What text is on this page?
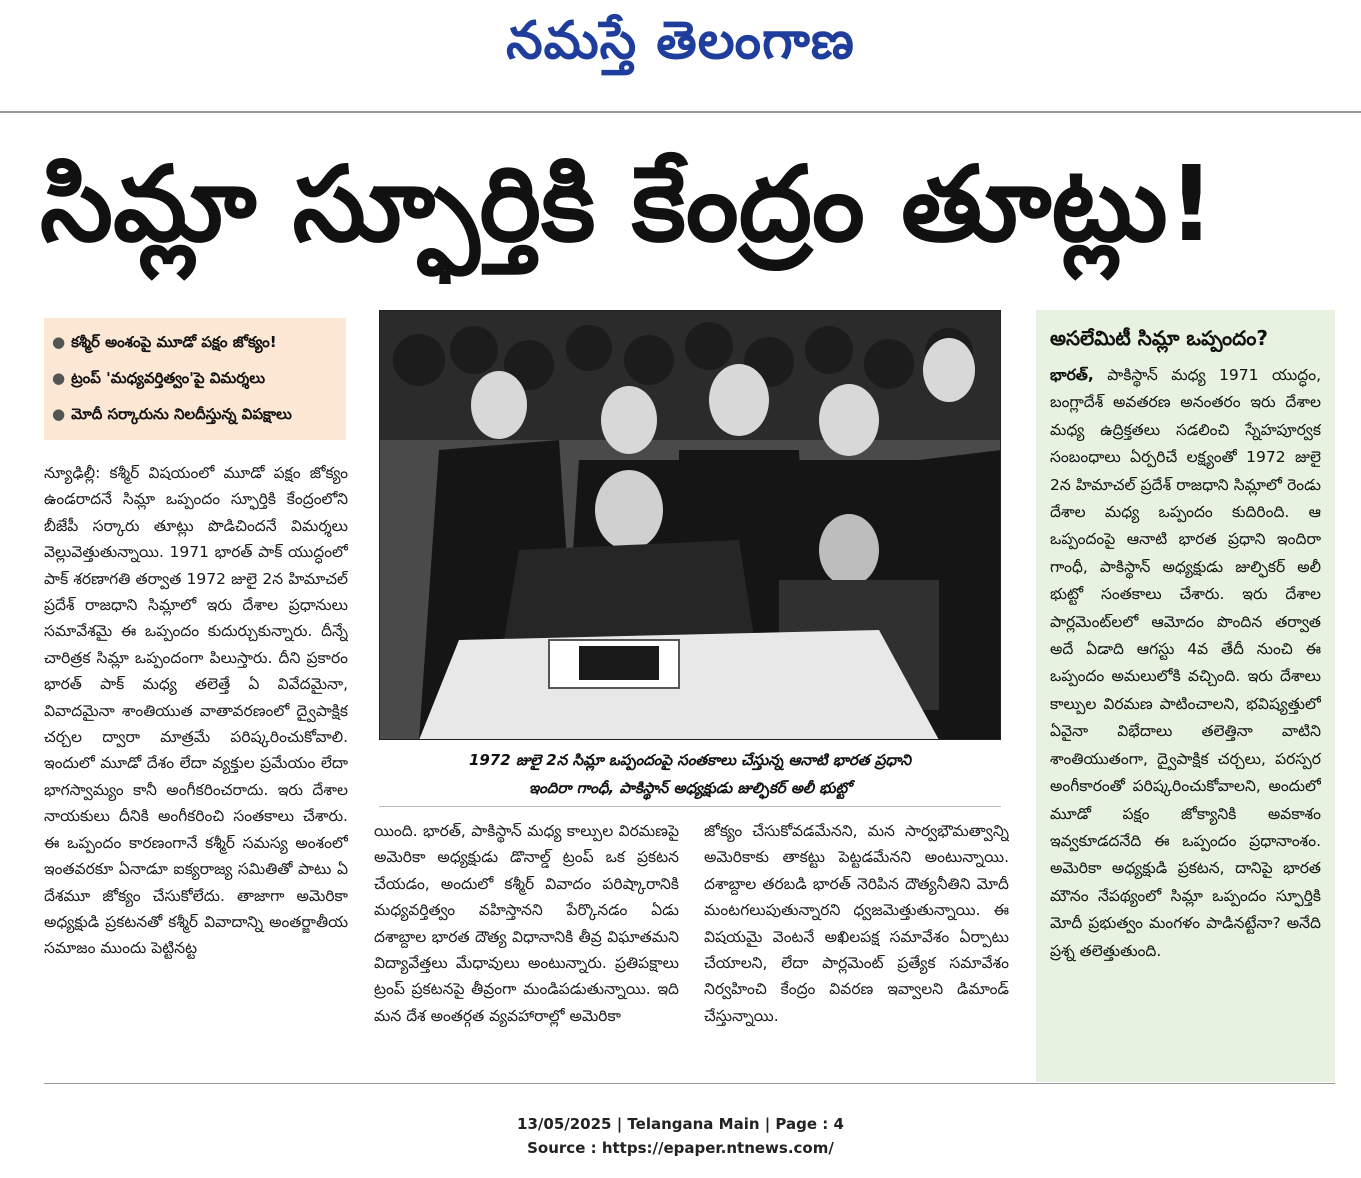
నమస్తే తెలంగాణ
సిమ్లా స్ఫూర్తికి కేంద్రం తూట్లు!
● కశ్మీర్ అంశంపై మూడో పక్షం జోక్యం!
● ట్రంప్ 'మధ్యవర్తిత్వం'పై విమర్శలు
● మోదీ సర్కారును నిలదీస్తున్న విపక్షాలు

న్యూఢిల్లీ: కశ్మీర్ విషయంలో మూడో పక్షం జోక్యం ఉండరాదనే సిమ్లా ఒప్పందం స్ఫూర్తికి కేంద్రంలోని బీజేపీ సర్కారు తూట్లు పొడిచిందనే విమర్శలు వెల్లువెత్తుతున్నాయి. 1971 భారత్ పాక్ యుద్ధంలో పాక్ శరణాగతి తర్వాత 1972 జులై 2న హిమాచల్ ప్రదేశ్ రాజధాని సిమ్లాలో ఇరు దేశాల ప్రధానులు సమావేశమై ఈ ఒప్పందం కుదుర్చుకున్నారు. దీన్నే చారిత్రక సిమ్లా ఒప్పందంగా పిలుస్తారు. దీని ప్రకారం భారత్ పాక్ మధ్య తలెత్తే ఏ వివేదమైనా, వివాదమైనా శాంతియుత వాతావరణంలో ద్వైపాక్షిక చర్చల ద్వారా మాత్రమే పరిష్కరించుకోవాలి. ఇందులో మూడో దేశం లేదా వ్యక్తుల ప్రమేయం లేదా భాగస్వామ్యం కానీ అంగీకరించరాదు. ఇరు దేశాల నాయకులు దీనికి అంగీకరించి సంతకాలు చేశారు. ఈ ఒప్పందం కారణంగానే కశ్మీర్ సమస్య అంశంలో ఇంతవరకూ ఏనాడూ ఐక్యరాజ్య సమితితో పాటు ఏ దేశమూ జోక్యం చేసుకోలేదు. తాజాగా అమెరికా అధ్యక్షుడి ప్రకటనతో కశ్మీర్ వివాదాన్ని అంతర్జాతీయ సమాజం ముందు పెట్టినట్ట

1972 జులై 2న సిమ్లా ఒప్పందంపై సంతకాలు చేస్తున్న ఆనాటి భారత ప్రధాని
ఇందిరా గాంధీ, పాకిస్థాన్ అధ్యక్షుడు జుల్ఫికర్ అలీ భుట్టో

యింది. భారత్, పాకిస్థాన్ మధ్య కాల్పుల విరమణపై అమెరికా అధ్యక్షుడు డొనాల్డ్ ట్రంప్ ఒక ప్రకటన చేయడం, అందులో కశ్మీర్ వివాదం పరిష్కారానికి మధ్యవర్తిత్వం వహిస్తానని పేర్కొనడం ఏడు దశాబ్దాల భారత దౌత్య విధానానికి తీవ్ర విఘాతమని విద్యావేత్తలు మేధావులు అంటున్నారు. ప్రతిపక్షాలు ట్రంప్ ప్రకటనపై తీవ్రంగా మండిపడుతున్నాయి. ఇది మన దేశ అంతర్గత వ్యవహారాల్లో అమెరికా

జోక్యం చేసుకోవడమేనని, మన సార్వభౌమత్వాన్ని అమెరికాకు తాకట్టు పెట్టడమేనని అంటున్నాయి. దశాబ్దాల తరబడి భారత్ నెరిపిన దౌత్యనీతిని మోదీ మంటగలుపుతున్నారని ధ్వజమెత్తుతున్నాయి. ఈ విషయమై వెంటనే అఖిలపక్ష సమావేశం ఏర్పాటు చేయాలని, లేదా పార్లమెంట్ ప్రత్యేక సమావేశం నిర్వహించి కేంద్రం వివరణ ఇవ్వాలని డిమాండ్ చేస్తున్నాయి.

అసలేమిటీ సిమ్లా ఒప్పందం?
భారత్, పాకిస్థాన్ మధ్య 1971 యుద్ధం, బంగ్లాదేశ్ అవతరణ అనంతరం ఇరు దేశాల మధ్య ఉద్రిక్తతలు సడలించి స్నేహపూర్వక సంబంధాలు ఏర్పరిచే లక్ష్యంతో 1972 జులై 2న హిమాచల్ ప్రదేశ్ రాజధాని సిమ్లాలో రెండు దేశాల మధ్య ఒప్పందం కుదిరింది. ఆ ఒప్పందంపై ఆనాటి భారత ప్రధాని ఇందిరా గాంధీ, పాకిస్థాన్ అధ్యక్షుడు జుల్ఫికర్ అలీ భుట్టో సంతకాలు చేశారు. ఇరు దేశాల పార్లమెంట్‌లలో ఆమోదం పొందిన తర్వాత అదే ఏడాది ఆగస్టు 4వ తేదీ నుంచి ఈ ఒప్పందం అమలులోకి వచ్చింది. ఇరు దేశాలు కాల్పుల విరమణ పాటించాలని, భవిష్యత్తులో ఏవైనా విభేదాలు తలెత్తినా వాటిని శాంతియుతంగా, ద్వైపాక్షిక చర్చలు, పరస్పర అంగీకారంతో పరిష్కరించుకోవాలని, అందులో మూడో పక్షం జోక్యానికి అవకాశం ఇవ్వకూడదనేది ఈ ఒప్పందం ప్రధానాంశం. అమెరికా అధ్యక్షుడి ప్రకటన, దానిపై భారత మౌనం నేపథ్యంలో సిమ్లా ఒప్పందం స్ఫూర్తికి మోదీ ప్రభుత్వం మంగళం పాడినట్టేనా? అనేది ప్రశ్న తలెత్తుతుంది.
13/05/2025 | Telangana Main | Page : 4
Source : https://epaper.ntnews.com/
